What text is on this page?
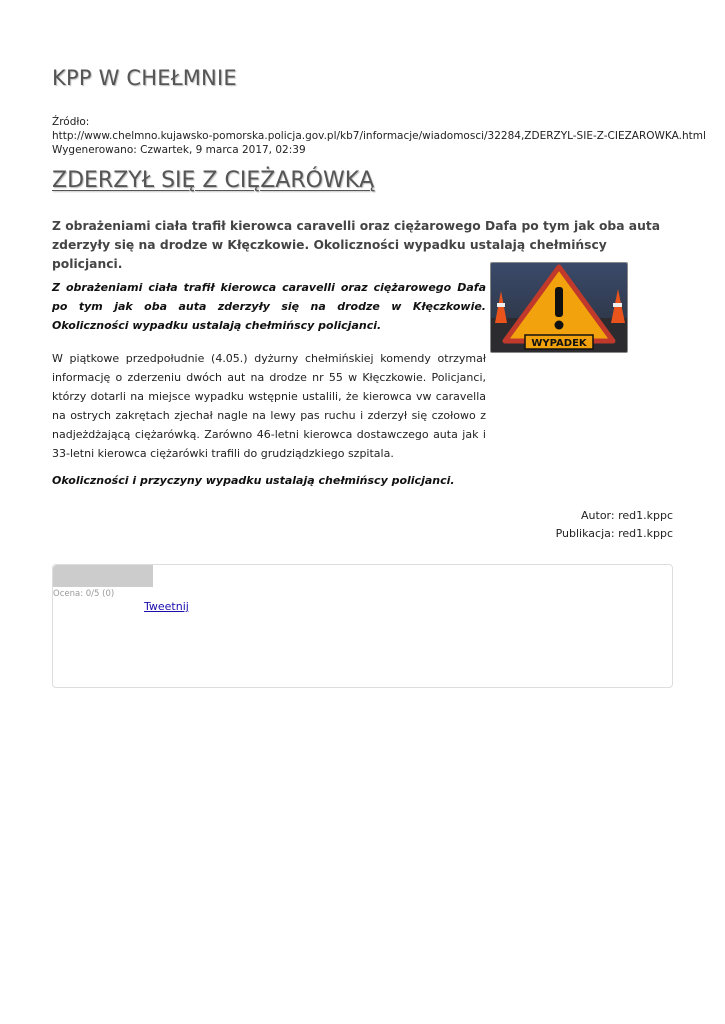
KPP W CHEŁMNIE
Źródło:
http://www.chelmno.kujawsko-pomorska.policja.gov.pl/kb7/informacje/wiadomosci/32284,ZDERZYL-SIE-Z-CIEZAROWKA.html
Wygenerowano: Czwartek, 9 marca 2017, 02:39
ZDERZYŁ SIĘ Z CIĘŻARÓWKĄ

Z obrażeniami ciała trafił kierowca caravelli oraz ciężarowego Dafa po tym jak oba auta zderzyły się na drodze w Kłęczkowie. Okoliczności wypadku ustalają chełmińscy policjanci.

Z obrażeniami ciała trafił kierowca caravelli oraz ciężarowego Dafa po tym jak oba auta zderzyły się na drodze w Kłęczkowie. Okoliczności wypadku ustalają chełmińscy policjanci.

WYPADEK

W piątkowe przedpołudnie (4.05.) dyżurny chełmińskiej komendy otrzymał informację o zderzeniu dwóch aut na drodze nr 55 w Kłęczkowie. Policjanci, którzy dotarli na miejsce wypadku wstępnie ustalili, że kierowca vw caravella na ostrych zakrętach zjechał nagle na lewy pas ruchu i zderzył się czołowo z nadjeżdżającą ciężarówką. Zarówno 46-letni kierowca dostawczego auta jak i 33-letni kierowca ciężarówki trafili do grudziądzkiego szpitala.

Okoliczności i przyczyny wypadku ustalają chełmińscy policjanci.

Autor: red1.kppc
Publikacja: red1.kppc
Ocena: 0/5 (0)
Tweetnij
